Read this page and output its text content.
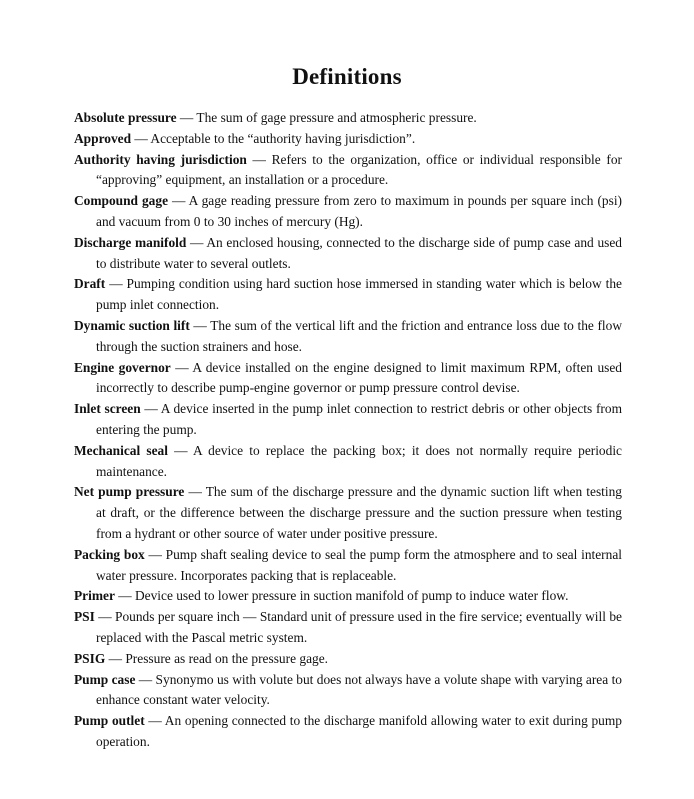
Definitions
Absolute pressure — The sum of gage pressure and atmospheric pressure.
Approved — Acceptable to the “authority having jurisdiction”.
Authority having jurisdiction — Refers to the organization, office or individual responsible for “approving” equipment, an installation or a procedure.
Compound gage — A gage reading pressure from zero to maximum in pounds per square inch (psi) and vacuum from 0 to 30 inches of mercury (Hg).
Discharge manifold — An enclosed housing, connected to the discharge side of pump case and used to distribute water to several outlets.
Draft — Pumping condition using hard suction hose immersed in standing water which is below the pump inlet connection.
Dynamic suction lift — The sum of the vertical lift and the friction and entrance loss due to the flow through the suction strainers and hose.
Engine governor — A device installed on the engine designed to limit maximum RPM, often used incorrectly to describe pump-engine governor or pump pressure control devise.
Inlet screen — A device inserted in the pump inlet connection to restrict debris or other objects from entering the pump.
Mechanical seal — A device to replace the packing box; it does not normally require periodic maintenance.
Net pump pressure — The sum of the discharge pressure and the dynamic suction lift when testing at draft, or the difference between the discharge pressure and the suction pressure when testing from a hydrant or other source of water under positive pressure.
Packing box — Pump shaft sealing device to seal the pump form the atmosphere and to seal internal water pressure. Incorporates packing that is replaceable.
Primer — Device used to lower pressure in suction manifold of pump to induce water flow.
PSI — Pounds per square inch — Standard unit of pressure used in the fire service; eventually will be replaced with the Pascal metric system.
PSIG — Pressure as read on the pressure gage.
Pump case — Synonymo us with volute but does not always have a volute shape with varying area to enhance constant water velocity.
Pump outlet — An opening connected to the discharge manifold allowing water to exit during pump operation.
